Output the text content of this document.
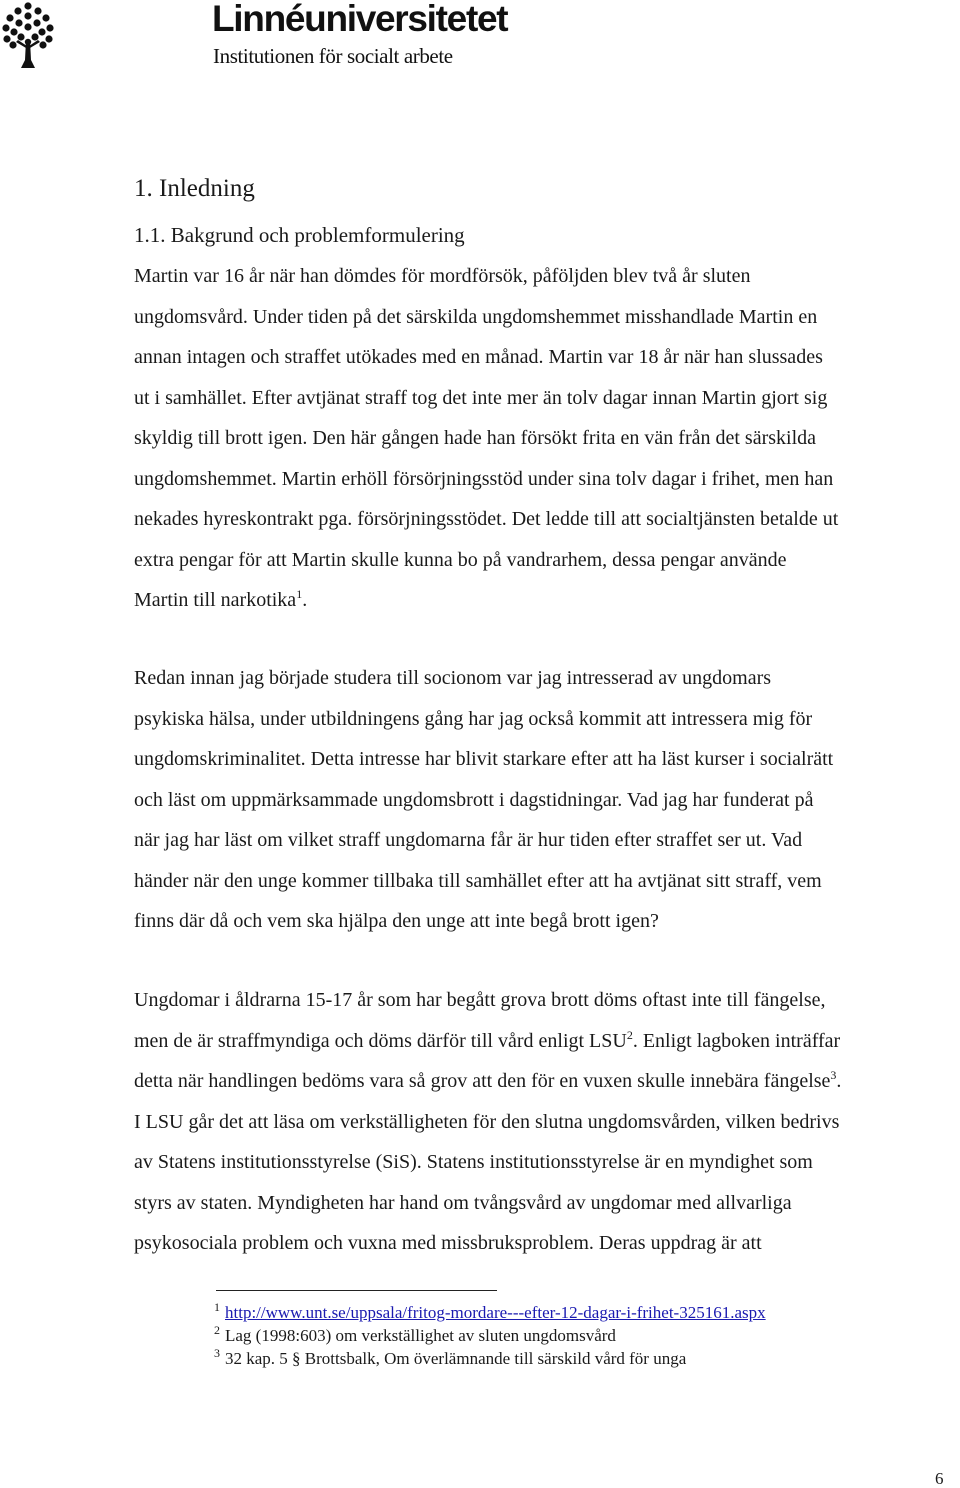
Linnéuniversitetet
Institutionen för socialt arbete
1. Inledning
1.1. Bakgrund och problemformulering

Martin var 16 år när han dömdes för mordförsök, påföljden blev två år sluten
ungdomsvård. Under tiden på det särskilda ungdomshemmet misshandlade Martin en
annan intagen och straffet utökades med en månad. Martin var 18 år när han slussades
ut i samhället. Efter avtjänat straff tog det inte mer än tolv dagar innan Martin gjort sig
skyldig till brott igen. Den här gången hade han försökt frita en vän från det särskilda
ungdomshemmet. Martin erhöll försörjningsstöd under sina tolv dagar i frihet, men han
nekades hyreskontrakt pga. försörjningsstödet. Det ledde till att socialtjänsten betalde ut
extra pengar för att Martin skulle kunna bo på vandrarhem, dessa pengar använde
Martin till narkotika$^1$.

Redan innan jag började studera till socionom var jag intresserad av ungdomars
psykiska hälsa, under utbildningens gång har jag också kommit att intressera mig för
ungdomskriminalitet. Detta intresse har blivit starkare efter att ha läst kurser i socialrätt
och läst om uppmärksammade ungdomsbrott i dagstidningar. Vad jag har funderat på
när jag har läst om vilket straff ungdomarna får är hur tiden efter straffet ser ut. Vad
händer när den unge kommer tillbaka till samhället efter att ha avtjänat sitt straff, vem
finns där då och vem ska hjälpa den unge att inte begå brott igen?

Ungdomar i åldrarna 15-17 år som har begått grova brott döms oftast inte till fängelse,
men de är straffmyndiga och döms därför till vård enligt LSU$^2$. Enligt lagboken inträffar
detta när handlingen bedöms vara så grov att den för en vuxen skulle innebära fängelse$^3$.
I LSU går det att läsa om verkställigheten för den slutna ungdomsvården, vilken bedrivs
av Statens institutionsstyrelse (SiS). Statens institutionsstyrelse är en myndighet som
styrs av staten. Myndigheten har hand om tvångsvård av ungdomar med allvarliga
psykosociala problem och vuxna med missbruksproblem. Deras uppdrag är att

$^1$ http://www.unt.se/uppsala/fritog-mordare---efter-12-dagar-i-frihet-325161.aspx
$^2$ Lag (1998:603) om verkställighet av sluten ungdomsvård
$^3$ 32 kap. 5 § Brottsbalk, Om överlämnande till särskild vård för unga
6
